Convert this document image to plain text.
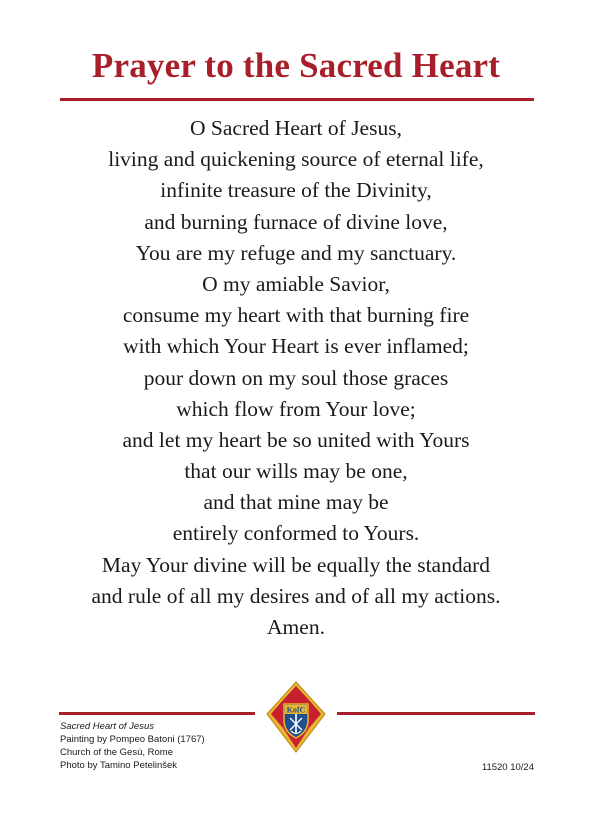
Prayer to the Sacred Heart
O Sacred Heart of Jesus,
living and quickening source of eternal life,
infinite treasure of the Divinity,
and burning furnace of divine love,
You are my refuge and my sanctuary.
O my amiable Savior,
consume my heart with that burning fire
with which Your Heart is ever inflamed;
pour down on my soul those graces
which flow from Your love;
and let my heart be so united with Yours
that our wills may be one,
and that mine may be
entirely conformed to Yours.
May Your divine will be equally the standard
and rule of all my desires and of all my actions.
Amen.
KofC
Sacred Heart of Jesus
Painting by Pompeo Batoni (1767)
Church of the Gesù, Rome
Photo by Tamino Petelinšek	11520 10/24
